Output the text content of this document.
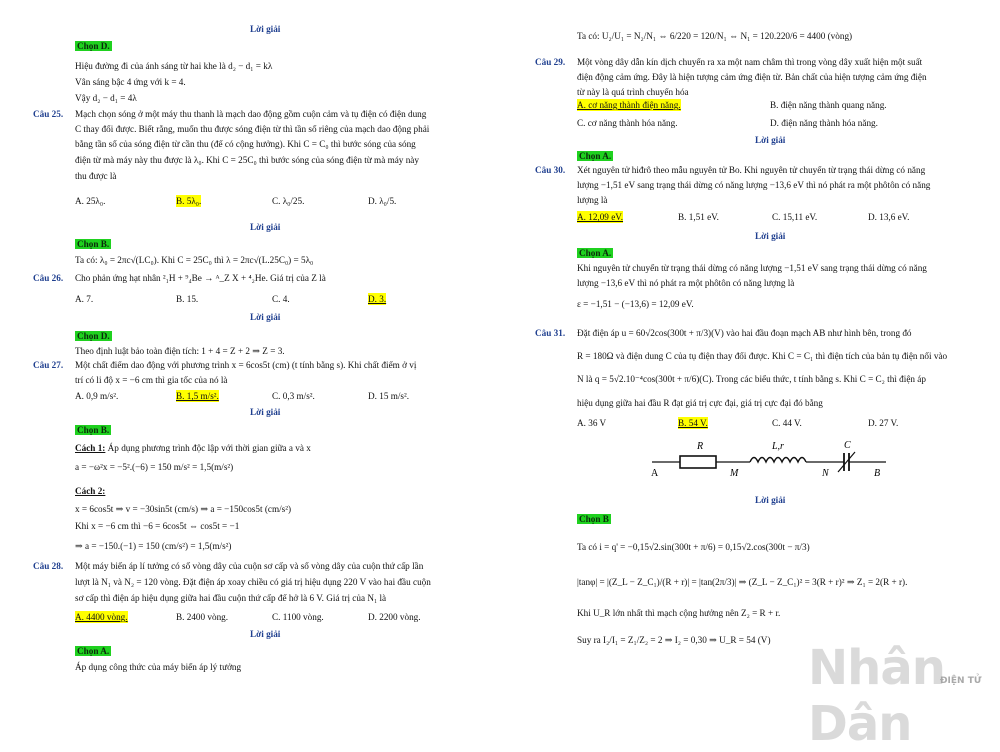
Lời giải
Chọn D.
Hiệu đường đi của ánh sáng từ hai khe là d₂ − d₁ = kλ
Vân sáng bậc 4 ứng với k = 4.
Vậy d₂ − d₁ = 4λ
Câu 25. Mạch chọn sóng ở một máy thu thanh là mạch dao động gồm cuộn cảm và tụ điện có điện dung
C thay đổi được. Biết rằng, muốn thu được sóng điện từ thì tần số riêng của mạch dao động phải
bằng tần số của sóng điện từ cần thu (để có cộng hưởng). Khi C = C₀ thì bước sóng của sóng
điện từ mà máy này thu được là λ₀. Khi C = 25C₀ thì bước sóng của sóng điện từ mà máy này
thu được là
A. 25λ₀.	B. 5λ₀.	C. λ₀/25.	D. λ₀/5.
Lời giải
Chọn B.
Ta có: λ₀ = 2πc√(LC₀). Khi C = 25C₀ thì λ = 2πc√(L.25C₀) = 5λ₀
Câu 26. Cho phản ứng hạt nhân ²₁H + ⁹₄Be → ᴬ_Z X + ⁴₂He. Giá trị của Z là
A. 7.	B. 15.	C. 4.	D. 3.
Lời giải
Chọn D.
Theo định luật bảo toàn điện tích: 1 + 4 = Z + 2 ⇒ Z = 3.
Câu 27. Một chất điểm dao động với phương trình x = 6cos5t (cm) (t tính bằng s). Khi chất điểm ở vị
trí có li độ x = −6 cm thì gia tốc của nó là
A. 0,9 m/s².	B. 1,5 m/s².	C. 0,3 m/s².	D. 15 m/s².
Lời giải
Chọn B.
Cách 1: Áp dụng phương trình độc lập với thời gian giữa a và x
a = −ω²x = −5².(−6) = 150 m/s² = 1,5(m/s²)
Cách 2:
x = 6cos5t ⇒ v = −30sin5t (cm/s) ⇒ a = −150cos5t (cm/s²)
Khi x = −6 cm thì −6 = 6cos5t ⇔ cos5t = −1
⇒ a = −150.(−1) = 150 (cm/s²) = 1,5(m/s²)
Câu 28. Một máy biến áp lí tưởng có số vòng dây của cuộn sơ cấp và số vòng dây của cuộn thứ cấp lần
lượt là N₁ và N₂ = 120 vòng. Đặt điện áp xoay chiều có giá trị hiệu dụng 220 V vào hai đầu cuộn
sơ cấp thì điện áp hiệu dụng giữa hai đầu cuộn thứ cấp để hở là 6 V. Giá trị của N₁ là
A. 4400 vòng.	B. 2400 vòng.	C. 1100 vòng.	D. 2200 vòng.
Lời giải
Chọn A.
Áp dụng công thức của máy biến áp lý tưởng
Ta có: U₂/U₁ = N₂/N₁ ⇔ 6/220 = 120/N₁ ⇔ N₁ = 120.220/6 = 4400 (vòng)
Câu 29. Một vòng dây dẫn kín dịch chuyển ra xa một nam châm thì trong vòng dây xuất hiện một suất
điện động cảm ứng. Đây là hiện tượng cảm ứng điện từ. Bản chất của hiện tượng cảm ứng điện
từ này là quá trình chuyển hóa
A. cơ năng thành điện năng.	B. điện năng thành quang năng.
C. cơ năng thành hóa năng.	D. điện năng thành hóa năng.
Lời giải
Chọn A.
Câu 30. Xét nguyên tử hiđrô theo mẫu nguyên tử Bo. Khi nguyên tử chuyển từ trạng thái dừng có năng
lượng −1,51 eV sang trạng thái dừng có năng lượng −13,6 eV thì nó phát ra một phôtôn có năng
lượng là
A. 12,09 eV.	B. 1,51 eV.	C. 15,11 eV.	D. 13,6 eV.
Lời giải
Chọn A.
Khi nguyên tử chuyển từ trạng thái dừng có năng lượng −1,51 eV sang trạng thái dừng có năng
lượng −13,6 eV thì nó phát ra một phôtôn có năng lượng là
ε = −1,51 − (−13,6) = 12,09 eV.
Câu 31. Đặt điện áp u = 60√2cos(300t + π/3)(V) vào hai đầu đoạn mạch AB như hình bên, trong đó
R = 180Ω và điện dung C của tụ điện thay đổi được. Khi C = C₁ thì điện tích của bản tụ điện nối vào
N là q = 5√2.10⁻⁴cos(300t + π/6)(C). Trong các biểu thức, t tính bằng s. Khi C = C₂ thì điện áp
hiệu dụng giữa hai đầu R đạt giá trị cực đại, giá trị cực đại đó bằng
A. 36 V	B. 54 V.	C. 44 V.	D. 27 V.
Lời giải
Chọn B
Ta có i = q' = −0,15√2.sin(300t + π/6) = 0,15√2.cos(300t − π/3)
|tanφ| = |(Z_L − Z_C₁)/(R + r)| = |tan(2π/3)| ⇒ (Z_L − Z_C₁)² = 3(R + r)² ⇒ Z₁ = 2(R + r).
Khi U_R lớn nhất thì mạch cộng hưởng nên Z₂ = R + r.
Suy ra I₂/I₁ = Z₁/Z₂ = 2 ⇒ I₂ = 0,30 ⇒ U_R = 54 (V)
R	L,r	C
A	M	N	B
Nhân Dân
ĐIỆN TỬ
